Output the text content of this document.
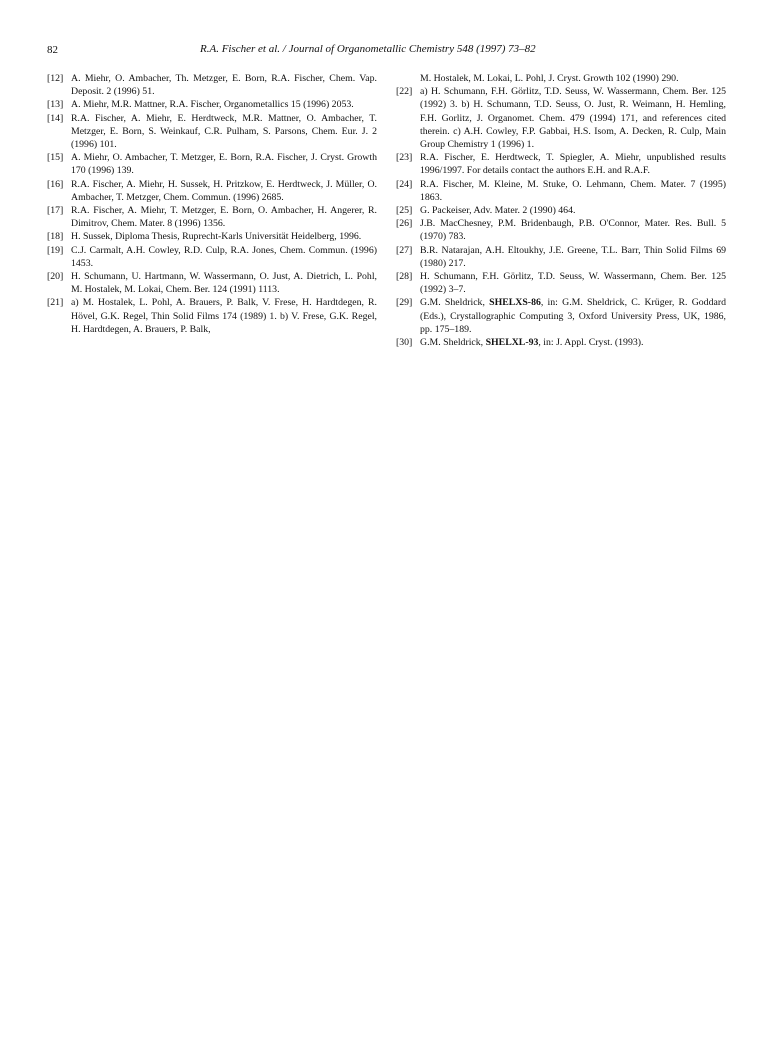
82	R.A. Fischer et al. / Journal of Organometallic Chemistry 548 (1997) 73–82
[12] A. Miehr, O. Ambacher, Th. Metzger, E. Born, R.A. Fischer, Chem. Vap. Deposit. 2 (1996) 51.
[13] A. Miehr, M.R. Mattner, R.A. Fischer, Organometallics 15 (1996) 2053.
[14] R.A. Fischer, A. Miehr, E. Herdtweck, M.R. Mattner, O. Ambacher, T. Metzger, E. Born, S. Weinkauf, C.R. Pulham, S. Parsons, Chem. Eur. J. 2 (1996) 101.
[15] A. Miehr, O. Ambacher, T. Metzger, E. Born, R.A. Fischer, J. Cryst. Growth 170 (1996) 139.
[16] R.A. Fischer, A. Miehr, H. Sussek, H. Pritzkow, E. Herdtweck, J. Müller, O. Ambacher, T. Metzger, Chem. Commun. (1996) 2685.
[17] R.A. Fischer, A. Miehr, T. Metzger, E. Born, O. Ambacher, H. Angerer, R. Dimitrov, Chem. Mater. 8 (1996) 1356.
[18] H. Sussek, Diploma Thesis, Ruprecht-Karls Universität Heidelberg, 1996.
[19] C.J. Carmalt, A.H. Cowley, R.D. Culp, R.A. Jones, Chem. Commun. (1996) 1453.
[20] H. Schumann, U. Hartmann, W. Wassermann, O. Just, A. Dietrich, L. Pohl, M. Hostalek, M. Lokai, Chem. Ber. 124 (1991) 1113.
[21] a) M. Hostalek, L. Pohl, A. Brauers, P. Balk, V. Frese, H. Hardtdegen, R. Hövel, G.K. Regel, Thin Solid Films 174 (1989) 1. b) V. Frese, G.K. Regel, H. Hardtdegen, A. Brauers, P. Balk,
M. Hostalek, M. Lokai, L. Pohl, J. Cryst. Growth 102 (1990) 290.
[22] a) H. Schumann, F.H. Görlitz, T.D. Seuss, W. Wassermann, Chem. Ber. 125 (1992) 3. b) H. Schumann, T.D. Seuss, O. Just, R. Weimann, H. Hemling, F.H. Gorlitz, J. Organomet. Chem. 479 (1994) 171, and references cited therein. c) A.H. Cowley, F.P. Gabbai, H.S. Isom, A. Decken, R. Culp, Main Group Chemistry 1 (1996) 1.
[23] R.A. Fischer, E. Herdtweck, T. Spiegler, A. Miehr, unpublished results 1996/1997. For details contact the authors E.H. and R.A.F.
[24] R.A. Fischer, M. Kleine, M. Stuke, O. Lehmann, Chem. Mater. 7 (1995) 1863.
[25] G. Packeiser, Adv. Mater. 2 (1990) 464.
[26] J.B. MacChesney, P.M. Bridenbaugh, P.B. O'Connor, Mater. Res. Bull. 5 (1970) 783.
[27] B.R. Natarajan, A.H. Eltoukhy, J.E. Greene, T.L. Barr, Thin Solid Films 69 (1980) 217.
[28] H. Schumann, F.H. Görlitz, T.D. Seuss, W. Wassermann, Chem. Ber. 125 (1992) 3–7.
[29] G.M. Sheldrick, SHELXS-86, in: G.M. Sheldrick, C. Krüger, R. Goddard (Eds.), Crystallographic Computing 3, Oxford University Press, UK, 1986, pp. 175–189.
[30] G.M. Sheldrick, SHELXL-93, in: J. Appl. Cryst. (1993).
